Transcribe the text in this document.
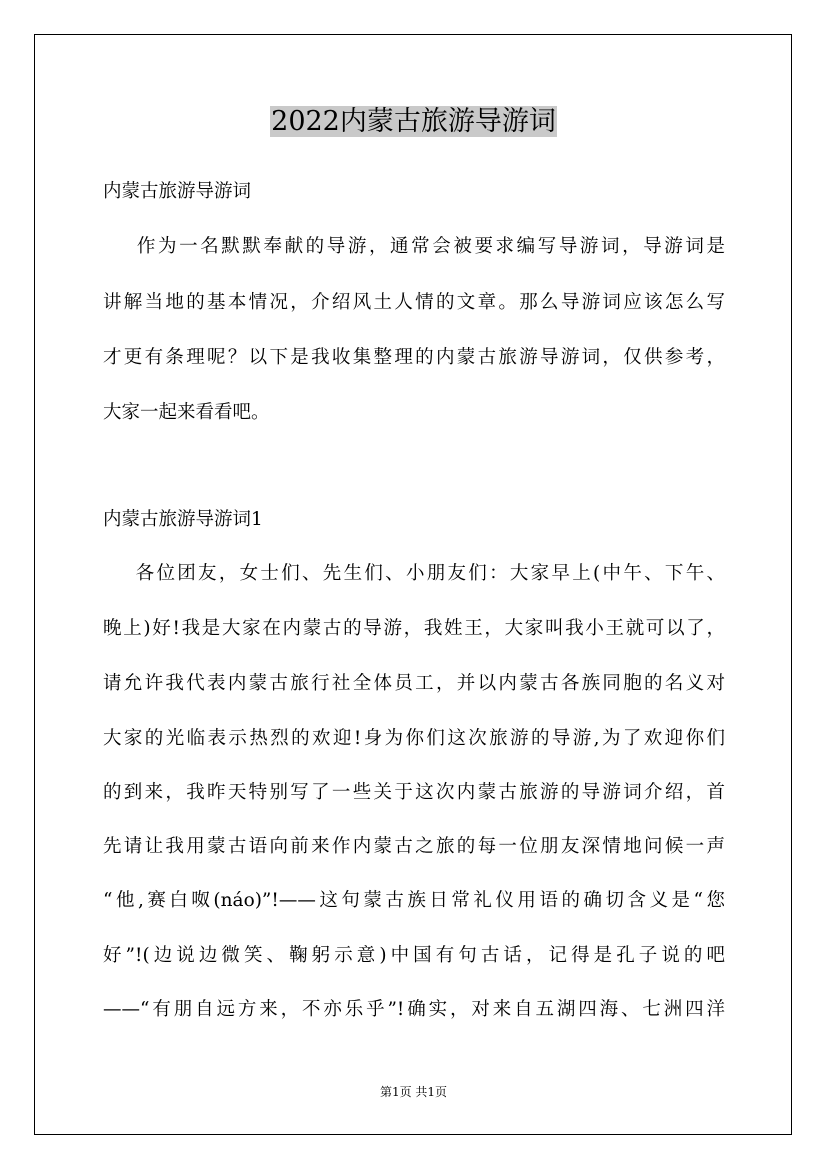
2022内蒙古旅游导游词
内蒙古旅游导游词
作为一名默默奉献的导游，通常会被要求编写导游词，导游词是
讲解当地的基本情况，介绍风土人情的文章。那么导游词应该怎么写
才更有条理呢？以下是我收集整理的内蒙古旅游导游词，仅供参考，
大家一起来看看吧。
内蒙古旅游导游词1
各位团友，女士们、先生们、小朋友们：大家早上(中午、下午、
晚上)好!我是大家在内蒙古的导游，我姓王，大家叫我小王就可以了，
请允许我代表内蒙古旅行社全体员工，并以内蒙古各族同胞的名义对
大家的光临表示热烈的欢迎!身为你们这次旅游的导游,为了欢迎你们
的到来，我昨天特别写了一些关于这次内蒙古旅游的导游词介绍，首
先请让我用蒙古语向前来作内蒙古之旅的每一位朋友深情地问候一声
“他,赛白呶(náo)”!——这句蒙古族日常礼仪用语的确切含义是“您
好”!(边说边微笑、鞠躬示意)中国有句古话，记得是孔子说的吧
——“有朋自远方来，不亦乐乎”!确实，对来自五湖四海、七洲四洋
第1页 共1页
